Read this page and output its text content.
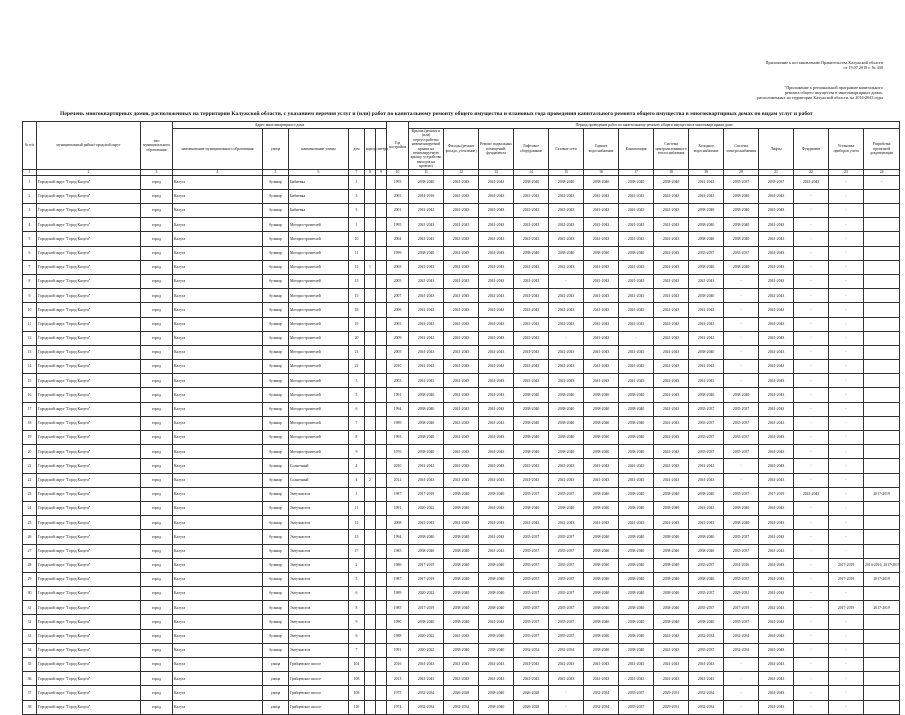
Приложение к постановлению Правительства Калужской области
от 19.07.2018 г. № 430
"Приложение к региональной программе капитального
ремонта общего имущества в многоквартирных домах,
расположенных на территории Калужской области, на 2014-2043 годы
Перечень многоквартирных домов, расположенных на территории Калужской области, с указанием перечня услуг и (или) работ по капитальному ремонту общего имущества и плановых года проведения капитального ремонта общего имущества в многоквартирных домах по видам услуг и работ
№ п/п	муниципальный район/городской округ	тип муниципального образования	Адрес многоквартирного дома						Год постройки	Период проведения работ по капитальному ремонту общего имущества в многоквартирном доме													
			наименование муниципального образования	улица	наименование улицы	дом	корпус	литера		Крыша (ремонт и (или) переустройство невентилируемой крыши на вентилируемую крышу, устройство выходов на кровлю)	Фасады (ремонт фасада, утепление)	Ремонт подвальных помещений, фундамента	Лифтовое оборудование	Газовые сети	Горячее водоснабжение	Канализация	Система централизованного теплоснабжения	Холодное водоснабжение	Система электроснабжения	Лифты	Фундамент	Установка приборов учета	Разработка проектной документации
1	2	3	4	5	6	7	8	9	10	11	12	13	14	15	16	17	18	19	20	21	22	23	24
1	Городской округ "Город Калуга"	город	Калуга	бульвар	Бибиевка	1			1993	2038-2040	2041-2043	2041-2043	2038-2040	2038-2040	2038-2040	2038-2040	2038-2040	2041-2043	2035-2037	2035-2037	2041-2043	-	-
2	Городской округ "Город Калуга"	город	Калуга	бульвар	Бибиевка	3			2003	2014-2016	2041-2043	2041-2043	2041-2043	2041-2043	2041-2043	2041-2043	2041-2043	2041-2043	2038-2040	2041-2043	-	-	
3	Городской округ "Город Калуга"	город	Калуга	бульвар	Бибиевка	5			2001	2041-2043	2041-2043	2041-2043	2041-2043	2041-2043	2041-2043	2041-2043	2041-2043	2038-2040	2038-2040	2041-2043	-	-	
4	Городской округ "Город Калуга"	город	Калуга	бульвар	Моторостроителей	1			1995	2041-2043	2041-2043	2041-2043	2041-2043	2041-2043	2041-2043	2041-2043	2041-2043	2038-2040	2038-2040	2041-2043	-	-	
5	Городской округ "Город Калуга"	город	Калуга	бульвар	Моторостроителей	10			2004	2041-2043	2041-2043	2041-2043	2041-2043	2041-2043	2041-2043	2041-2043	2041-2043	2038-2040	2038-2040	2041-2043	-	-	
6	Городской округ "Город Калуга"	город	Калуга	бульвар	Моторостроителей	11			1999	2038-2040	2041-2043	2041-2043	2038-2040	2038-2040	2038-2040	2038-2040	2041-2043	2035-2037	2035-2037	2041-2043	-	-	
7	Городской округ "Город Калуга"	город	Калуга	бульвар	Моторостроителей	12	1		2005	2041-2043	2041-2043	2041-2043	2041-2043	2041-2043	2041-2043	2041-2043	2041-2043	2038-2040	2038-2040	2041-2043	-	-	
8	Городской округ "Город Калуга"	город	Калуга	бульвар	Моторостроителей	13			2005	2041-2043	2041-2043	2041-2043	2041-2043	-	2041-2043	2041-2043	2041-2043	2041-2043	-	2041-2043	-	-	
9	Городской округ "Город Калуга"	город	Калуга	бульвар	Моторостроителей	15			2007	2041-2043	2041-2043	2041-2043	2041-2043	2041-2043	2041-2043	2041-2043	2041-2043	2038-2040	-	2041-2043	-	-	
10	Городской округ "Город Калуга"	город	Калуга	бульвар	Моторостроителей	18			2006	2041-2043	2041-2043	2041-2043	2041-2043	2041-2043	2041-2043	2041-2043	2041-2043	2041-2043	-	2041-2043	-	-	
11	Городской округ "Город Калуга"	город	Калуга	бульвар	Моторостроителей	19			2003	2041-2043	2041-2043	2041-2043	2041-2043	2041-2043	2041-2043	2041-2043	2041-2043	2041-2043	-	2041-2043	-	-	
12	Городской округ "Город Калуга"	город	Калуга	бульвар	Моторостроителей	20			2009	2041-2043	2041-2043	2041-2043	2041-2043	-	2041-2043	-	2041-2043	2041-2043	-	2041-2043	-	-	
13	Городской округ "Город Калуга"	город	Калуга	бульвар	Моторостроителей	21			2005	2041-2043	2041-2043	2041-2043	2041-2043	2041-2043	2041-2043	2041-2043	2041-2043	2038-2040	-	2041-2043	-	-	
14	Городской округ "Город Калуга"	город	Калуга	бульвар	Моторостроителей	22			2010	2041-2043	2041-2043	2041-2043	2041-2043	2041-2043	2041-2043	2041-2043	2041-2043	2041-2043	-	2041-2043	-	-	
15	Городской округ "Город Калуга"	город	Калуга	бульвар	Моторостроителей	3			2003	2041-2043	2041-2043	2041-2043	2041-2043	2041-2043	2041-2043	2041-2043	2041-2043	2041-2043	-	2041-2043	-	-	
16	Городской округ "Город Калуга"	город	Калуга	бульвар	Моторостроителей	5			1991	2038-2040	2041-2043	2041-2043	2038-2040	2038-2040	2038-2040	2038-2040	2041-2043	2038-2040	2038-2040	2041-2043	-	-	
17	Городской округ "Город Калуга"	город	Калуга	бульвар	Моторостроителей	6			1994	2038-2040	2041-2043	2041-2043	2038-2040	2038-2040	2038-2040	2038-2040	2041-2043	2035-2037	2035-2037	2041-2043	-	-	
18	Городской округ "Город Калуга"	город	Калуга	бульвар	Моторостроителей	7			1989	2038-2040	2041-2043	2041-2043	2038-2040	2038-2040	2038-2040	2038-2040	2041-2043	2035-2037	2035-2037	2041-2043	-	-	
19	Городской округ "Город Калуга"	город	Калуга	бульвар	Моторостроителей	8			1993	2038-2040	2041-2043	2041-2043	2038-2040	2038-2040	2038-2040	2038-2040	2041-2043	2035-2037	2035-2037	2041-2043	-	-	
20	Городской округ "Город Калуга"	город	Калуга	бульвар	Моторостроителей	9			1976	2038-2040	2041-2043	2041-2043	2038-2040	2038-2040	2038-2040	2038-2040	2041-2043	2035-2037	2035-2037	2041-2043	-	-	
21	Городской округ "Город Калуга"	город	Калуга	бульвар	Солнечный	4			2010	2041-2043	2041-2043	2041-2043	2041-2043	2041-2043	2041-2043	2041-2043	2041-2043	2041-2043	-	2041-2043	-	-	
22	Городской округ "Город Калуга"	город	Калуга	бульвар	Солнечный	4	2		2012	2041-2043	2041-2043	2041-2043	2041-2043	2041-2043	2041-2043	2041-2043	2041-2043	2041-2043	-	2041-2043	-	-	
23	Городской округ "Город Калуга"	город	Калуга	бульвар	Энтузиастов	1			1987	2017-2019	2038-2040	2038-2040	2035-2037	2035-2037	2038-2040	2038-2040	2038-2040	2038-2040	2035-2037	2017-2019	2041-2043	-	2017-2019
24	Городской округ "Город Калуга"	город	Калуга	бульвар	Энтузиастов	11			1991	2020-2022	2038-2040	2041-2043	2038-2040	2038-2040	2038-2040	2038-2040	2038-2040	2041-2043	2038-2040	2041-2043	-	-	
25	Городской округ "Город Калуга"	город	Калуга	бульвар	Энтузиастов	12			2008	2041-2043	2041-2043	2041-2043	2041-2043	2041-2043	2041-2043	2041-2043	2041-2043	2041-2043	2038-2040	2041-2043	-	-	
26	Городской округ "Город Калуга"	город	Калуга	бульвар	Энтузиастов	13			1994	2038-2040	2038-2040	2041-2043	2035-2037	2035-2037	2038-2040	2038-2040	2038-2040	2038-2040	2035-2037	2041-2043	-	-	
27	Городской округ "Город Калуга"	город	Калуга	бульвар	Энтузиастов	17			1985	2038-2040	2038-2040	2041-2043	2035-2037	2035-2037	2038-2040	2038-2040	2038-2040	2038-2040	2035-2037	2041-2043	-	-	
28	Городской округ "Город Калуга"	город	Калуга	бульвар	Энтузиастов	2			1986	2017-2019	2038-2040	2038-2040	2035-2037	2035-2037	2038-2040	2038-2040	2038-2040	2035-2037	2014-2016	2041-2043	-	2017-2019	2014-2016, 2017-2019
29	Городской округ "Город Калуга"	город	Калуга	бульвар	Энтузиастов	5			1987	2017-2019	2038-2040	2038-2040	2035-2037	2035-2037	2038-2040	2038-2040	2038-2040	2038-2040	2035-2037	2041-2043	-	2017-2019	2017-2019
30	Городской округ "Город Калуга"	город	Калуга	бульвар	Энтузиастов	6			1989	2020-2022	2038-2040	2038-2040	2035-2037	2035-2037	2038-2040	2038-2040	2038-2040	2035-2037	2029-2031	2041-2043	-	-	
31	Городской округ "Город Калуга"	город	Калуга	бульвар	Энтузиастов	8			1985	2017-2019	2038-2040	2038-2040	2035-2037	2035-2037	2038-2040	2038-2040	2038-2040	2035-2037	2017-2019	2041-2043	-	2017-2019	2017-2019
32	Городской округ "Город Калуга"	город	Калуга	бульвар	Энтузиастов	9			1990	2038-2040	2038-2040	2041-2043	2035-2037	2035-2037	2038-2040	2038-2040	2038-2040	2038-2040	2035-2037	2041-2043	-	-	
33	Городской округ "Город Калуга"	город	Калуга	бульвар	Энтузиастов	6			1988	2020-2022	2041-2043	2038-2040	2035-2037	2035-2037	2038-2040	2038-2040	2041-2043	2032-2034	2032-2034	2041-2043	-	-	
34	Городской округ "Город Калуга"	город	Калуга	бульвар	Энтузиастов	7			1991	2020-2022	2038-2040	2038-2040	2032-2034	2032-2034	2038-2040	2038-2040	2041-2043	2035-2037	2032-2034	2041-2043	-	-	
35	Городской округ "Город Калуга"	город	Калуга	улица	Грабцевское шоссе	104			2016	2041-2043	2041-2043	2041-2043	2041-2043	2041-2043	2041-2043	2041-2043	2041-2043	2041-2043	-	2041-2043	-	-	
36	Городской округ "Город Калуга"	город	Калуга	улица	Грабцевское шоссе	108			2013	2041-2043	2041-2043	2041-2043	2041-2043	2041-2043	2041-2043	2041-2043	2041-2043	2041-2043	-	2041-2043	-	-	
37	Городской округ "Город Калуга"	город	Калуга	улица	Грабцевское шоссе	108			1975	2032-2034	2026-2028	2038-2040	2026-2028	-	2032-2034	2035-2037	2029-2031	2032-2034	-	2041-2043	-	-	
38	Городской округ "Город Калуга"	город	Калуга	улица	Грабцевское шоссе	110			1974	2032-2034	2032-2034	2038-2040	2026-2028	-	2032-2034	2035-2037	2029-2031	2032-2034	-	2041-2043	-	-	
